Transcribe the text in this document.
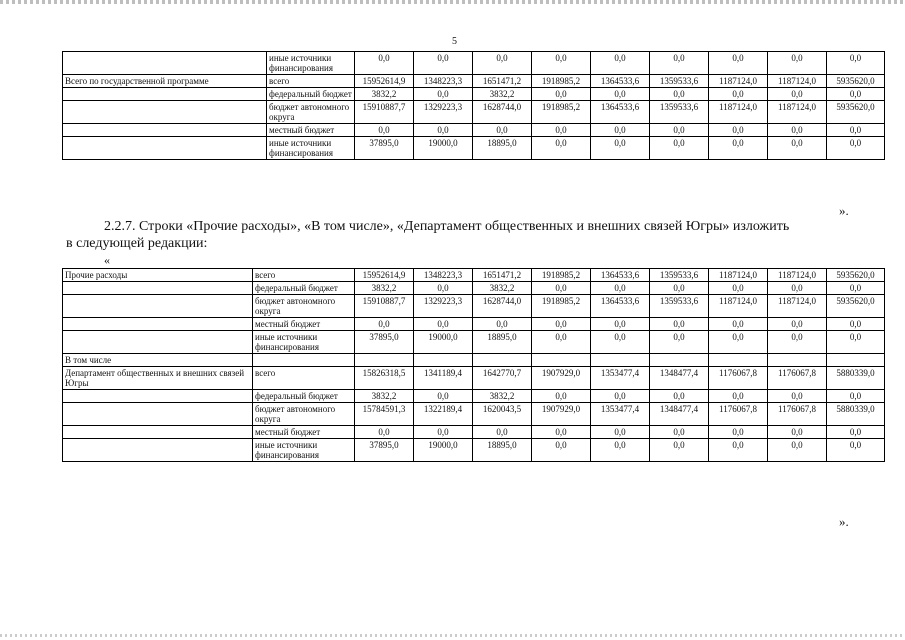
5
	иные источники финансирования	0,0	0,0	0,0	0,0	0,0	0,0	0,0	0,0	0,0
Всего по государственной программе	всего	15952614,9	1348223,3	1651471,2	1918985,2	1364533,6	1359533,6	1187124,0	1187124,0	5935620,0
	федеральный бюджет	3832,2	0,0	3832,2	0,0	0,0	0,0	0,0	0,0	0,0
	бюджет автономного округа	15910887,7	1329223,3	1628744,0	1918985,2	1364533,6	1359533,6	1187124,0	1187124,0	5935620,0
	местный бюджет	0,0	0,0	0,0	0,0	0,0	0,0	0,0	0,0	0,0
	иные источники финансирования	37895,0	19000,0	18895,0	0,0	0,0	0,0	0,0	0,0	0,0
».
2.2.7. Строки «Прочие расходы», «В том числе», «Департамент общественных и внешних связей Югры» изложить
в следующей редакции:
«
Прочие расходы	всего	15952614,9	1348223,3	1651471,2	1918985,2	1364533,6	1359533,6	1187124,0	1187124,0	5935620,0
	федеральный бюджет	3832,2	0,0	3832,2	0,0	0,0	0,0	0,0	0,0	0,0
	бюджет автономного округа	15910887,7	1329223,3	1628744,0	1918985,2	1364533,6	1359533,6	1187124,0	1187124,0	5935620,0
	местный бюджет	0,0	0,0	0,0	0,0	0,0	0,0	0,0	0,0	0,0
	иные источники финансирования	37895,0	19000,0	18895,0	0,0	0,0	0,0	0,0	0,0	0,0
В том числе										
Департамент общественных и внешних связей Югры	всего	15826318,5	1341189,4	1642770,7	1907929,0	1353477,4	1348477,4	1176067,8	1176067,8	5880339,0
	федеральный бюджет	3832,2	0,0	3832,2	0,0	0,0	0,0	0,0	0,0	0,0
	бюджет автономного округа	15784591,3	1322189,4	1620043,5	1907929,0	1353477,4	1348477,4	1176067,8	1176067,8	5880339,0
	местный бюджет	0,0	0,0	0,0	0,0	0,0	0,0	0,0	0,0	0,0
	иные источники финансирования	37895,0	19000,0	18895,0	0,0	0,0	0,0	0,0	0,0	0,0
».
